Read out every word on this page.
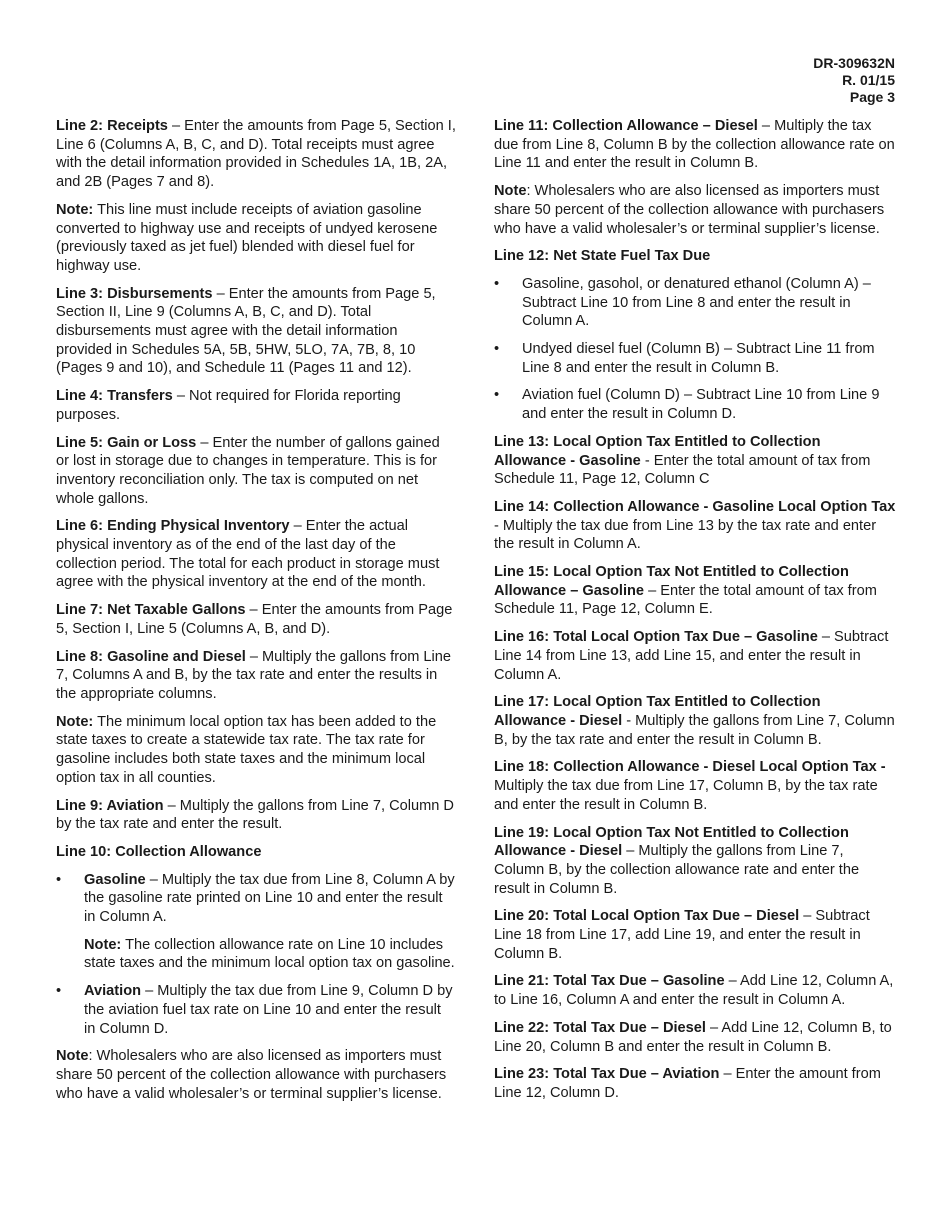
DR-309632N
R. 01/15
Page 3

Line 2: Receipts – Enter the amounts from Page 5, Section I, Line 6 (Columns A, B, C, and D). Total receipts must agree with the detail information provided in Schedules 1A, 1B, 2A, and 2B (Pages 7 and 8).

Note: This line must include receipts of aviation gasoline converted to highway use and receipts of undyed kerosene (previously taxed as jet fuel) blended with diesel fuel for highway use.

Line 3: Disbursements – Enter the amounts from Page 5, Section II, Line 9 (Columns A, B, C, and D). Total disbursements must agree with the detail information provided in Schedules 5A, 5B, 5HW, 5LO, 7A, 7B, 8, 10 (Pages 9 and 10), and Schedule 11 (Pages 11 and 12).

Line 4: Transfers – Not required for Florida reporting purposes.

Line 5: Gain or Loss – Enter the number of gallons gained or lost in storage due to changes in temperature. This is for inventory reconciliation only. The tax is computed on net whole gallons.

Line 6: Ending Physical Inventory – Enter the actual physical inventory as of the end of the last day of the collection period. The total for each product in storage must agree with the physical inventory at the end of the month.

Line 7: Net Taxable Gallons – Enter the amounts from Page 5, Section I, Line 5 (Columns A, B, and D).

Line 8: Gasoline and Diesel – Multiply the gallons from Line 7, Columns A and B, by the tax rate and enter the results in the appropriate columns.

Note: The minimum local option tax has been added to the state taxes to create a statewide tax rate. The tax rate for gasoline includes both state taxes and the minimum local option tax in all counties.

Line 9: Aviation – Multiply the gallons from Line 7, Column D by the tax rate and enter the result.

Line 10: Collection Allowance

• Gasoline – Multiply the tax due from Line 8, Column A by the gasoline rate printed on Line 10 and enter the result in Column A.

Note: The collection allowance rate on Line 10 includes state taxes and the minimum local option tax on gasoline.

• Aviation – Multiply the tax due from Line 9, Column D by the aviation fuel tax rate on Line 10 and enter the result in Column D.

Note: Wholesalers who are also licensed as importers must share 50 percent of the collection allowance with purchasers who have a valid wholesaler’s or terminal supplier’s license.

Line 11: Collection Allowance – Diesel – Multiply the tax due from Line 8, Column B by the collection allowance rate on Line 11 and enter the result in Column B.

Note: Wholesalers who are also licensed as importers must share 50 percent of the collection allowance with purchasers who have a valid wholesaler’s or terminal supplier’s license.

Line 12: Net State Fuel Tax Due

• Gasoline, gasohol, or denatured ethanol (Column A) – Subtract Line 10 from Line 8 and enter the result in Column A.
• Undyed diesel fuel (Column B) – Subtract Line 11 from Line 8 and enter the result in Column B.
• Aviation fuel (Column D) – Subtract Line 10 from Line 9 and enter the result in Column D.

Line 13: Local Option Tax Entitled to Collection Allowance - Gasoline - Enter the total amount of tax from Schedule 11, Page 12, Column C

Line 14: Collection Allowance - Gasoline Local Option Tax - Multiply the tax due from Line 13 by the tax rate and enter the result in Column A.

Line 15: Local Option Tax Not Entitled to Collection Allowance – Gasoline – Enter the total amount of tax from Schedule 11, Page 12, Column E.

Line 16: Total Local Option Tax Due – Gasoline – Subtract Line 14 from Line 13, add Line 15, and enter the result in Column A.

Line 17: Local Option Tax Entitled to Collection Allowance - Diesel - Multiply the gallons from Line 7, Column B, by the tax rate and enter the result in Column B.

Line 18: Collection Allowance - Diesel Local Option Tax - Multiply the tax due from Line 17, Column B, by the tax rate and enter the result in Column B.

Line 19: Local Option Tax Not Entitled to Collection Allowance - Diesel – Multiply the gallons from Line 7, Column B, by the collection allowance rate and enter the result in Column B.

Line 20: Total Local Option Tax Due – Diesel – Subtract Line 18 from Line 17, add Line 19, and enter the result in Column B.

Line 21: Total Tax Due – Gasoline – Add Line 12, Column A, to Line 16, Column A and enter the result in Column A.

Line 22: Total Tax Due – Diesel – Add Line 12, Column B, to Line 20, Column B and enter the result in Column B.

Line 23: Total Tax Due – Aviation – Enter the amount from Line 12, Column D.
